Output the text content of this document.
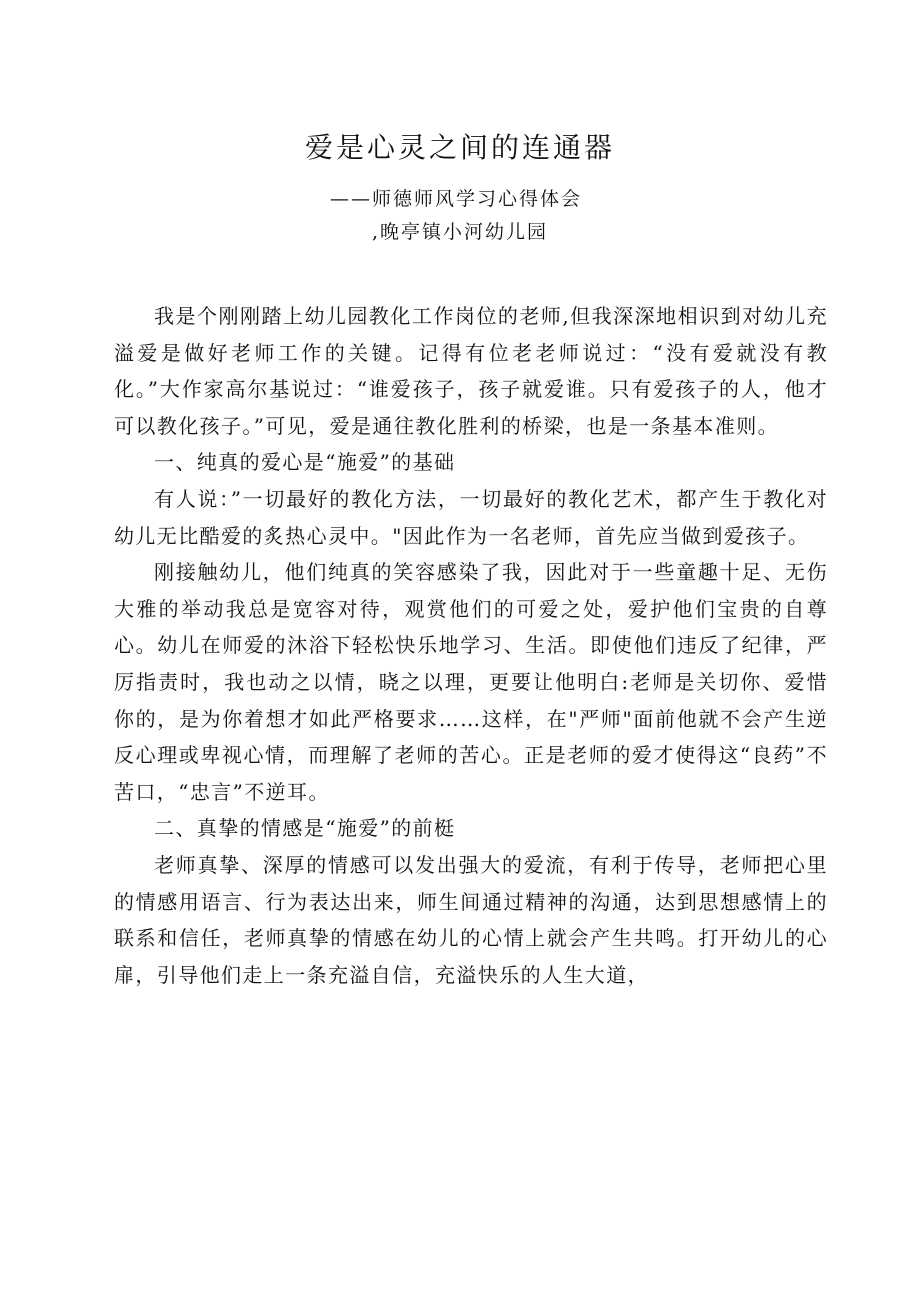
爱是心灵之间的连通器
——师德师风学习心得体会
,晚亭镇小河幼儿园

我是个刚刚踏上幼儿园教化工作岗位的老师,但我深深地相识到对幼儿充溢爱是做好老师工作的关键。记得有位老老师说过：“没有爱就没有教化。”大作家高尔基说过：“谁爱孩子，孩子就爱谁。只有爱孩子的人，他才可以教化孩子。”可见，爱是通往教化胜利的桥梁，也是一条基本准则。

一、纯真的爱心是“施爱”的基础

有人说：”一切最好的教化方法，一切最好的教化艺术，都产生于教化对幼儿无比酷爱的炙热心灵中。"因此作为一名老师，首先应当做到爱孩子。

刚接触幼儿，他们纯真的笑容感染了我，因此对于一些童趣十足、无伤大雅的举动我总是宽容对待，观赏他们的可爱之处，爱护他们宝贵的自尊心。幼儿在师爱的沐浴下轻松快乐地学习、生活。即使他们违反了纪律，严厉指责时，我也动之以情，晓之以理，更要让他明白:老师是关切你、爱惜你的，是为你着想才如此严格要求……这样，在"严师"面前他就不会产生逆反心理或卑视心情，而理解了老师的苦心。正是老师的爱才使得这“良药”不苦口，“忠言”不逆耳。

二、真挚的情感是“施爱”的前梃

老师真挚、深厚的情感可以发出强大的爱流，有利于传导，老师把心里的情感用语言、行为表达出来，师生间通过精神的沟通，达到思想感情上的联系和信任，老师真挚的情感在幼儿的心情上就会产生共鸣。打开幼儿的心扉，引导他们走上一条充溢自信，充溢快乐的人生大道，
